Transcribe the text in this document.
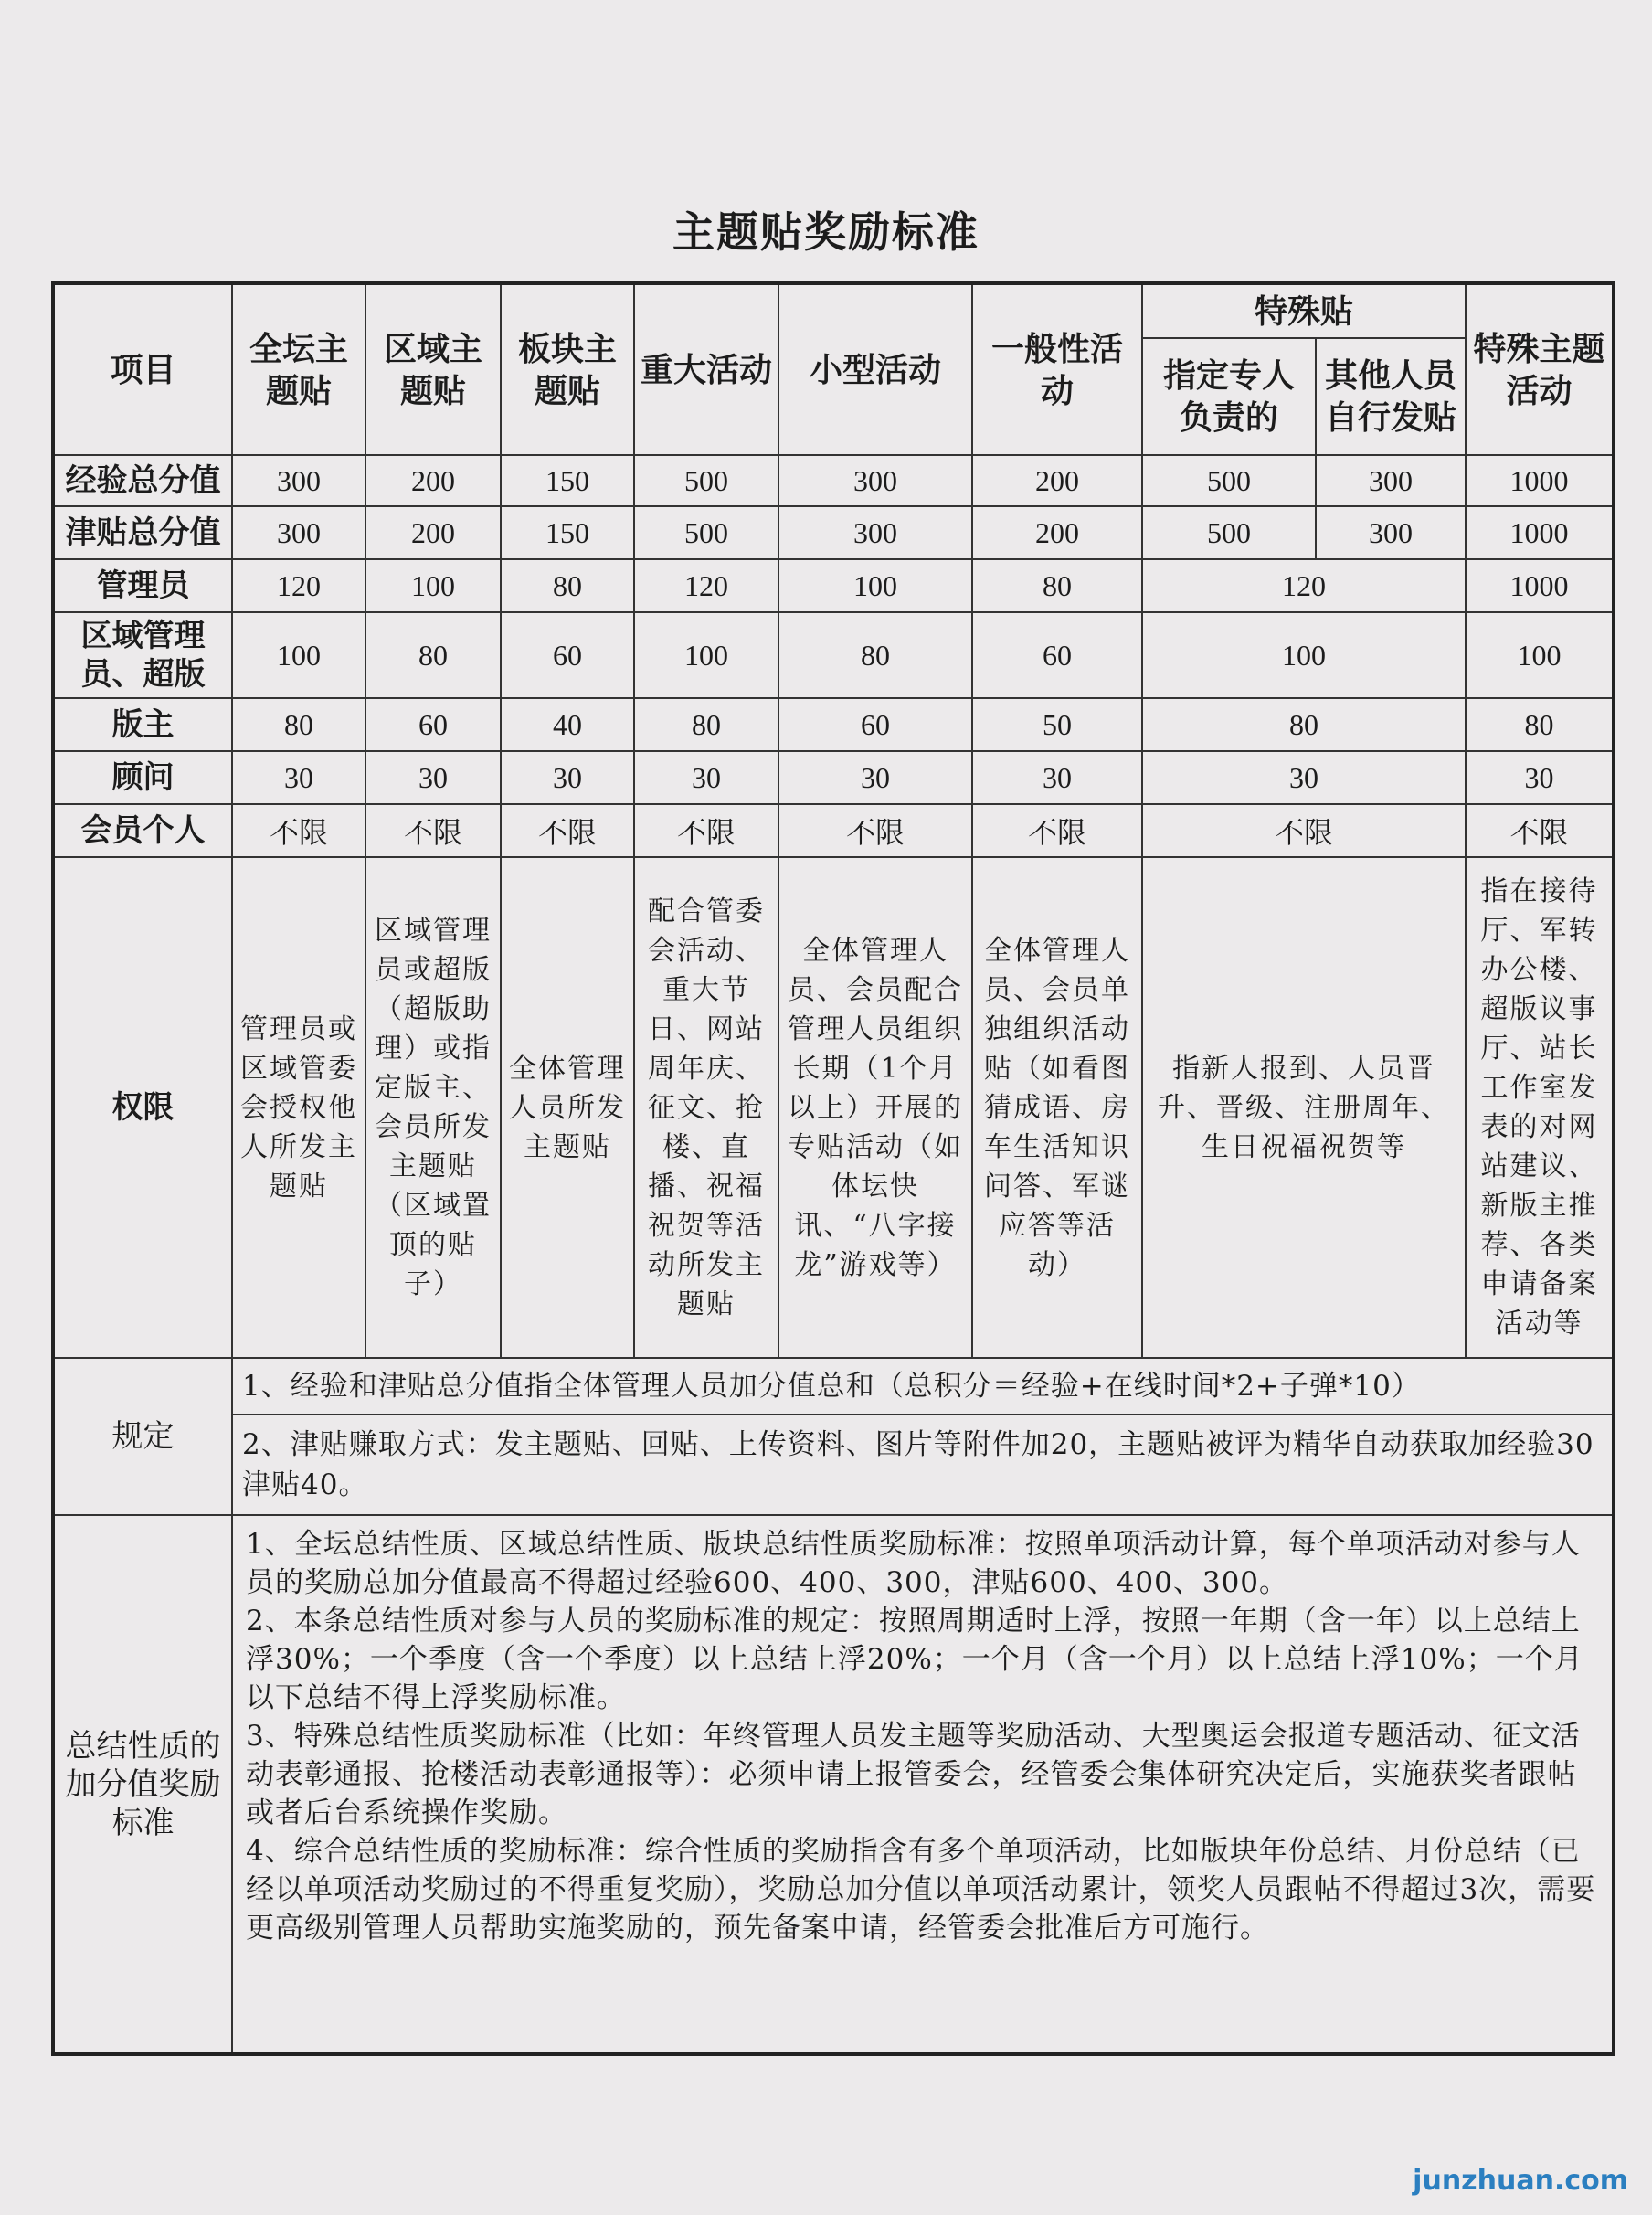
主题贴奖励标准
项目	全坛主题贴	区域主题贴	板块主题贴	重大活动	小型活动	一般性活动	特殊贴		特殊主题活动
							指定专人负责的	其他人员自行发贴	
经验总分值	300	200	150	500	300	200	500	300	1000
津贴总分值	300	200	150	500	300	200	500	300	1000
管理员	120	100	80	120	100	80	120		1000
区域管理员、超版	100	80	60	100	80	60	100		100
版主	80	60	40	80	60	50	80		80
顾问	30	30	30	30	30	30	30		30
会员个人	不限	不限	不限	不限	不限	不限	不限		不限
权限	管理员或区域管委会授权他人所发主题贴	区域管理员或超版（超版助理）或指定版主、会员所发主题贴（区域置顶的贴子）	全体管理人员所发主题贴	配合管委会活动、重大节日、网站周年庆、征文、抢楼、直播、祝福祝贺等活动所发主题贴	全体管理人员、会员配合管理人员组织长期（1个月以上）开展的专贴活动（如体坛快讯、“八字接龙”游戏等）	全体管理人员、会员单独组织活动贴（如看图猜成语、房车生活知识问答、军谜应答等活动）	指新人报到、人员晋升、晋级、注册周年、生日祝福祝贺等		指在接待厅、军转办公楼、超版议事厅、站长工作室发表的对网站建议、新版主推荐、各类申请备案活动等
规定	1、经验和津贴总分值指全体管理人员加分值总和（总积分＝经验+在线时间*2+子弹*10）								
	2、津贴赚取方式：发主题贴、回贴、上传资料、图片等附件加20，主题贴被评为精华自动获取加经验30津贴40。								
总结性质的加分值奖励标准	1、全坛总结性质、区域总结性质、版块总结性质奖励标准：按照单项活动计算，每个单项活动对参与人员的奖励总加分值最高不得超过经验600、400、300，津贴600、400、300。

2、本条总结性质对参与人员的奖励标准的规定：按照周期适时上浮，按照一年期（含一年）以上总结上浮30%；一个季度（含一个季度）以上总结上浮20%；一个月（含一个月）以上总结上浮10%；一个月以下总结不得上浮奖励标准。

3、特殊总结性质奖励标准（比如：年终管理人员发主题等奖励活动、大型奥运会报道专题活动、征文活动表彰通报、抢楼活动表彰通报等）：必须申请上报管委会，经管委会集体研究决定后，实施获奖者跟帖或者后台系统操作奖励。

4、综合总结性质的奖励标准：综合性质的奖励指含有多个单项活动，比如版块年份总结、月份总结（已经以单项活动奖励过的不得重复奖励），奖励总加分值以单项活动累计，领奖人员跟帖不得超过3次，需要更高级别管理人员帮助实施奖励的，预先备案申请，经管委会批准后方可施行。								

junzhuan.com
